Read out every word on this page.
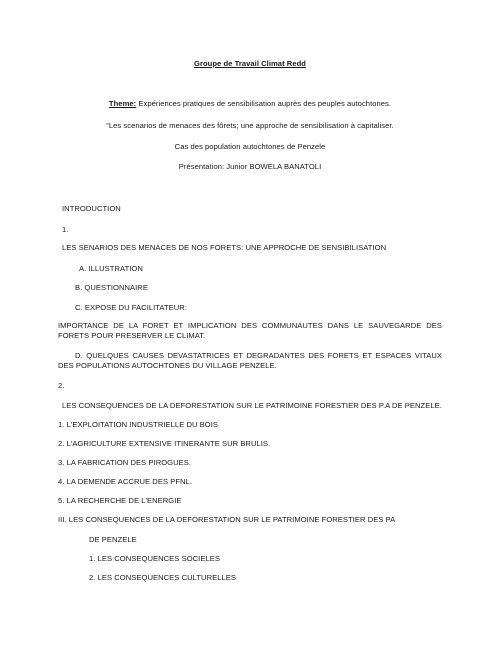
Groupe de Travail Climat Redd
Theme: Expériences pratiques de sensibilisation auprès des peuples autochtones.
“Les scenarios de menaces des fôrets; une approche de sensibilisation à capitaliser.
Cas des population autochtones de Penzele
Présentation: Junior BOWELA BANATOLI
INTRODUCTION
1.
LES SENARIOS DES MENACES DE NOS FORETS: UNE APPROCHE DE SENSIBILISATION
A. ILLUSTRATION
B. QUESTIONNAIRE
C. EXPOSE DU FACILITATEUR:
IMPORTANCE DE LA FORET ET IMPLICATION DES COMMUNAUTES DANS LE SAUVEGARDE DES FORETS POUR PRESERVER LE CLIMAT.
D. QUELQUES CAUSES DEVASTATRICES ET DEGRADANTES DES FORETS ET ESPACES VITAUX DES POPULATIONS AUTOCHTONES DU VILLAGE PENZELE.
2.
LES CONSEQUENCES DE LA DEFORESTATION SUR LE PATRIMOINE FORESTIER DES P.A DE PENZELE.
1. L'EXPLOITATION INDUSTRIELLE DU BOIS
2. L'AGRICULTURE EXTENSIVE ITINERANTE SUR BRULIS.
3. LA FABRICATION DES PIROGUES.
4. LA DEMENDE ACCRUE DES PFNL.
5. LA RECHERCHE DE L'ENERGIE
III. LES CONSEQUENCES DE LA DEFORESTATION SUR LE PATRIMOINE FORESTIER DES PA
DE PENZELE
1. LES CONSEQUENCES SOCIELES
2. LES CONSEQUENCES CULTURELLES
